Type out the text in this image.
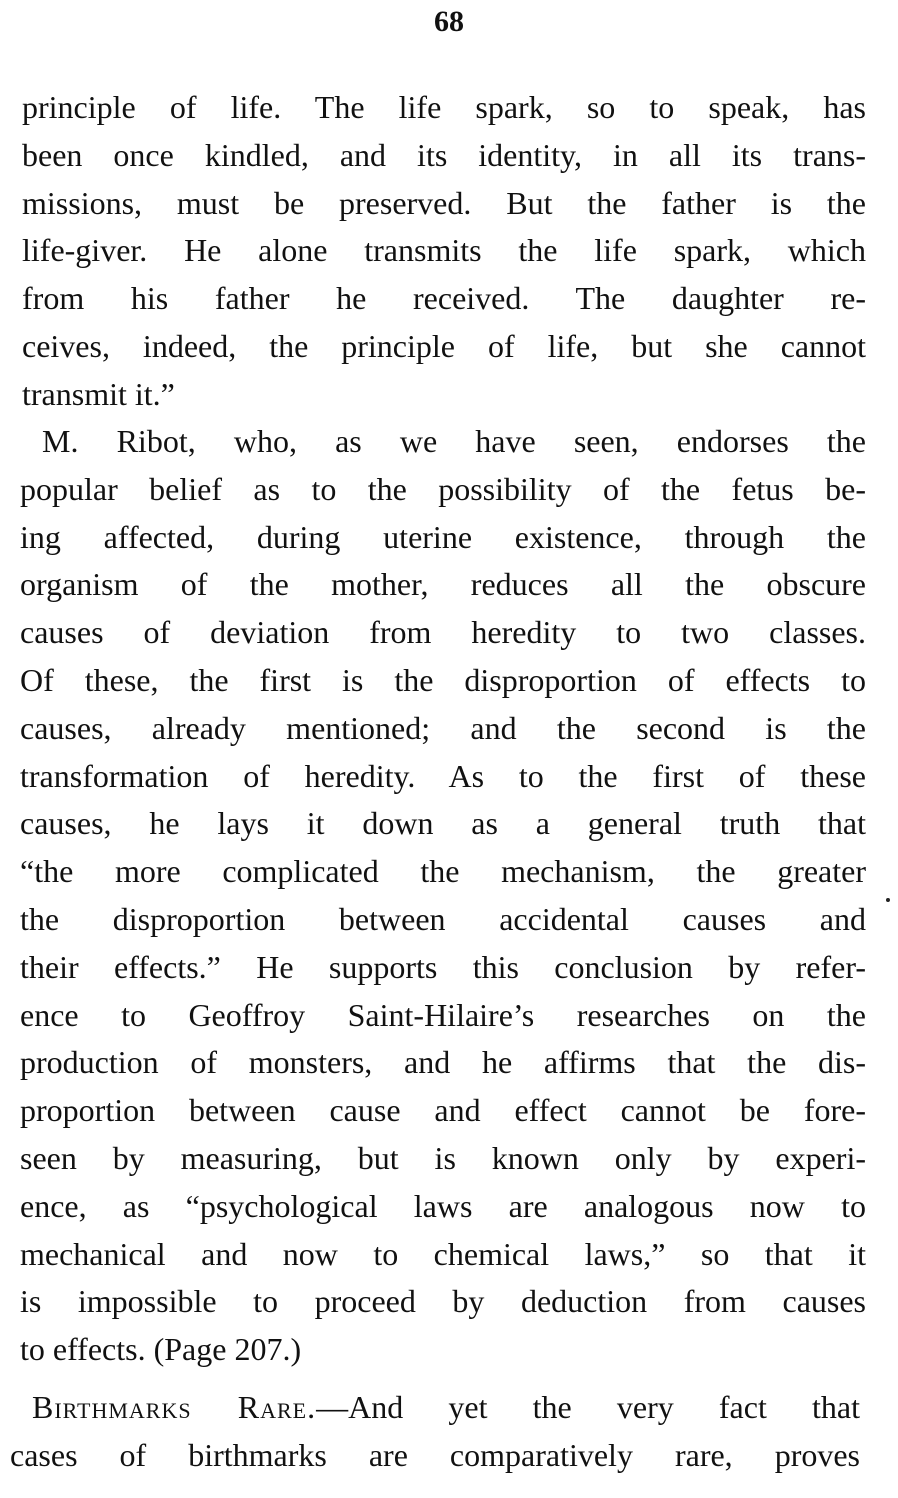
68

principle of life. The life spark, so to speak, has
been once kindled, and its identity, in all its trans-
missions, must be preserved. But the father is the
life-giver. He alone transmits the life spark, which
from his father he received. The daughter re-
ceives, indeed, the principle of life, but she cannot
transmit it.”

M. Ribot, who, as we have seen, endorses the
popular belief as to the possibility of the fetus be-
ing affected, during uterine existence, through the
organism of the mother, reduces all the obscure
causes of deviation from heredity to two classes.
Of these, the first is the disproportion of effects to
causes, already mentioned; and the second is the
transformation of heredity. As to the first of these
causes, he lays it down as a general truth that
“the more complicated the mechanism, the greater
the disproportion between accidental causes and
their effects.” He supports this conclusion by refer-
ence to Geoffroy Saint-Hilaire’s researches on the
production of monsters, and he affirms that the dis-
proportion between cause and effect cannot be fore-
seen by measuring, but is known only by experi-
ence, as “psychological laws are analogous now to
mechanical and now to chemical laws,” so that it
is impossible to proceed by deduction from causes
to effects. (Page 207.)

Birthmarks Rare.—And yet the very fact that
cases of birthmarks are comparatively rare, proves
